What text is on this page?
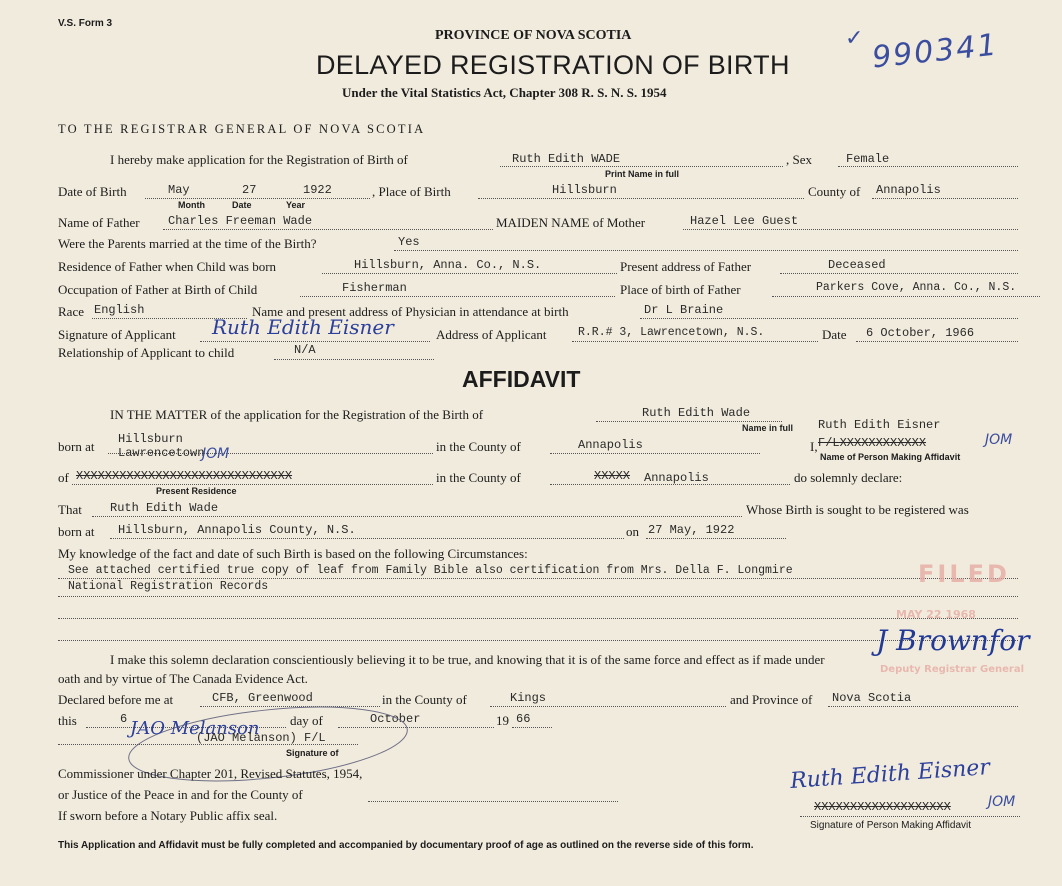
V.S. Form 3
PROVINCE OF NOVA SCOTIA
DELAYED REGISTRATION OF BIRTH
Under the Vital Statistics Act, Chapter 308 R. S. N. S. 1954
✓ 990341
TO THE REGISTRAR GENERAL OF NOVA SCOTIA
I hereby make application for the Registration of Birth of	Ruth Edith WADE
Print Name in full
, Sex	Female
Date of Birth	May	27	1922
Month	Date	Year
, Place of Birth	Hillsburn	County of Annapolis
Name of Father Charles Freeman Wade	MAIDEN NAME of Mother	Hazel Lee Guest
Were the Parents married at the time of the Birth?	Yes
Residence of Father when Child was born	Hillsburn, Anna. Co., N.S.	Present address of Father	Deceased
Occupation of Father at Birth of Child	Fisherman	Place of birth of Father	Parkers Cove, Anna. Co., N.S.
Race English	Name and present address of Physician in attendance at birth	Dr L Braine
Signature of Applicant Ruth Edith Eisner	Address of Applicant	R.R.# 3, Lawrencetown, N.S.	Date 6 October, 1966
Relationship of Applicant to child	N/A
AFFIDAVIT
IN THE MATTER of the application for the Registration of the Birth of	Ruth Edith Wade
Name in full Ruth Edith Eisner
born at Hillsburn	in the County of	Annapolis	I, F/LXXXXXXXXXXXX	JOM
Name of Person Making Affidavit
Lawrencetown
JOM
of XXXXXXXXXXXXXXXXXXXXXXXXXXXXXX
Present Residence
in the County of	XXXXX Annapolis	do solemnly declare:
That Ruth Edith Wade	Whose Birth is sought to be registered was
born at Hillsburn, Annapolis County, N.S.	on 27 May, 1922
My knowledge of the fact and date of such Birth is based on the following Circumstances:
See attached certified true copy of leaf from Family Bible also certification from Mrs. Della F. Longmire
National Registration Records	FILED
MAY 22 1968
Deputy Registrar General
J Brownfor
I make this solemn declaration conscientiously believing it to be true, and knowing that it is of the same force and effect as if made under
oath and by virtue of The Canada Evidence Act.
Declared before me at	CFB, Greenwood	in the County of	Kings	and Province of Nova Scotia
this	6	day of	October	19 66
JAO Melanson
(JAO Melanson) F/L
Signature of
Commissioner under Chapter 201, Revised Statutes, 1954,
or Justice of the Peace in and for the County of
If sworn before a Notary Public affix seal.
Ruth Edith Eisner
XXXXXXXXXXXXXXXXXXX	JOM
Signature of Person Making Affidavit
This Application and Affidavit must be fully completed and accompanied by documentary proof of age as outlined on the reverse side of this form.
